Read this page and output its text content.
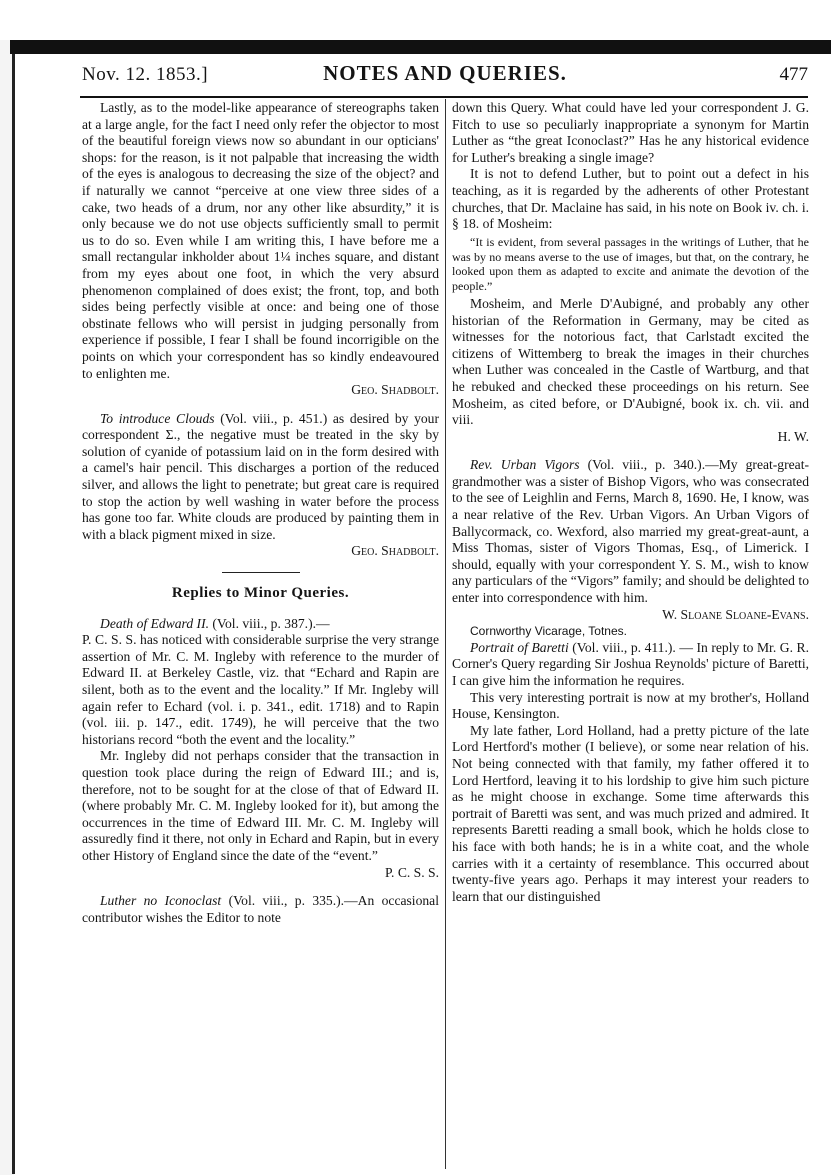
Nov. 12. 1853.]	NOTES AND QUERIES.	477

Lastly, as to the model-like appearance of stereographs taken at a large angle, for the fact I need only refer the objector to most of the beautiful foreign views now so abundant in our opticians' shops: for the reason, is it not palpable that increasing the width of the eyes is analogous to decreasing the size of the object? and if naturally we cannot “perceive at one view three sides of a cake, two heads of a drum, nor any other like absurdity,” it is only because we do not use objects sufficiently small to permit us to do so. Even while I am writing this, I have before me a small rectangular inkholder about 1¼ inches square, and distant from my eyes about one foot, in which the very absurd phenomenon complained of does exist; the front, top, and both sides being perfectly visible at once: and being one of those obstinate fellows who will persist in judging personally from experience if possible, I fear I shall be found incorrigible on the points on which your correspondent has so kindly endeavoured to enlighten me.

Geo. Shadbolt.

To introduce Clouds (Vol. viii., p. 451.) as desired by your correspondent Σ., the negative must be treated in the sky by solution of cyanide of potassium laid on in the form desired with a camel's hair pencil. This discharges a portion of the reduced silver, and allows the light to penetrate; but great care is required to stop the action by well washing in water before the process has gone too far. White clouds are produced by painting them in with a black pigment mixed in size.

Geo. Shadbolt.

Replies to Minor Queries.

Death of Edward II. (Vol. viii., p. 387.).—

P. C. S. S. has noticed with considerable surprise the very strange assertion of Mr. C. M. Ingleby with reference to the murder of Edward II. at Berkeley Castle, viz. that “Echard and Rapin are silent, both as to the event and the locality.” If Mr. Ingleby will again refer to Echard (vol. i. p. 341., edit. 1718) and to Rapin (vol. iii. p. 147., edit. 1749), he will perceive that the two historians record “both the event and the locality.”

Mr. Ingleby did not perhaps consider that the transaction in question took place during the reign of Edward III.; and is, therefore, not to be sought for at the close of that of Edward II. (where probably Mr. C. M. Ingleby looked for it), but among the occurrences in the time of Edward III. Mr. C. M. Ingleby will assuredly find it there, not only in Echard and Rapin, but in every other History of England since the date of the “event.”

P. C. S. S.

Luther no Iconoclast (Vol. viii., p. 335.).—An occasional contributor wishes the Editor to note

down this Query. What could have led your correspondent J. G. Fitch to use so peculiarly inappropriate a synonym for Martin Luther as “the great Iconoclast?” Has he any historical evidence for Luther's breaking a single image?

It is not to defend Luther, but to point out a defect in his teaching, as it is regarded by the adherents of other Protestant churches, that Dr. Maclaine has said, in his note on Book iv. ch. i. § 18. of Mosheim:

“It is evident, from several passages in the writings of Luther, that he was by no means averse to the use of images, but that, on the contrary, he looked upon them as adapted to excite and animate the devotion of the people.”

Mosheim, and Merle D'Aubigné, and probably any other historian of the Reformation in Germany, may be cited as witnesses for the notorious fact, that Carlstadt excited the citizens of Wittemberg to break the images in their churches when Luther was concealed in the Castle of Wartburg, and that he rebuked and checked these proceedings on his return. See Mosheim, as cited before, or D'Aubigné, book ix. ch. vii. and viii.

H. W.

Rev. Urban Vigors (Vol. viii., p. 340.).—My great-great-grandmother was a sister of Bishop Vigors, who was consecrated to the see of Leighlin and Ferns, March 8, 1690. He, I know, was a near relative of the Rev. Urban Vigors. An Urban Vigors of Ballycormack, co. Wexford, also married my great-great-aunt, a Miss Thomas, sister of Vigors Thomas, Esq., of Limerick. I should, equally with your correspondent Y. S. M., wish to know any particulars of the “Vigors” family; and should be delighted to enter into correspondence with him.

W. Sloane Sloane-Evans.

Cornworthy Vicarage, Totnes.

Portrait of Baretti (Vol. viii., p. 411.). — In reply to Mr. G. R. Corner's Query regarding Sir Joshua Reynolds' picture of Baretti, I can give him the information he requires.

This very interesting portrait is now at my brother's, Holland House, Kensington.

My late father, Lord Holland, had a pretty picture of the late Lord Hertford's mother (I believe), or some near relation of his. Not being connected with that family, my father offered it to Lord Hertford, leaving it to his lordship to give him such picture as he might choose in exchange. Some time afterwards this portrait of Baretti was sent, and was much prized and admired. It represents Baretti reading a small book, which he holds close to his face with both hands; he is in a white coat, and the whole carries with it a certainty of resemblance. This occurred about twenty-five years ago. Perhaps it may interest your readers to learn that our distinguished
